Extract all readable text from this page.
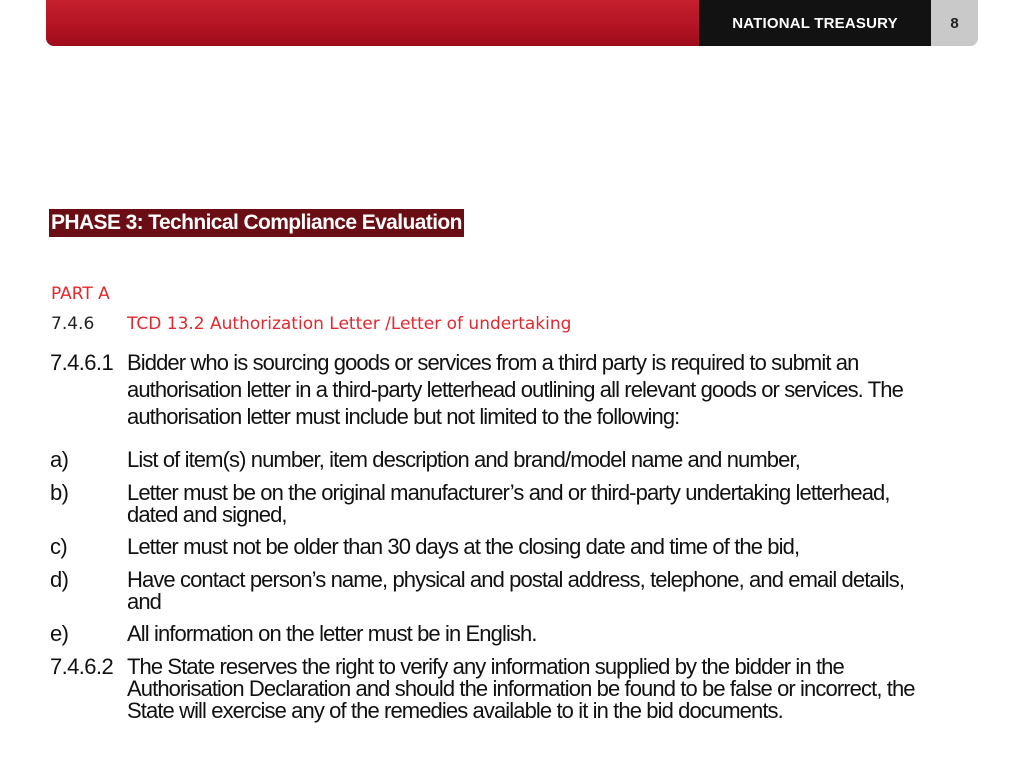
NATIONAL TREASURY	8
PHASE 3: Technical Compliance Evaluation
PART A
7.4.6 TCD 13.2 Authorization Letter /Letter of undertaking
7.4.6.1 Bidder who is sourcing goods or services from a third party is required to submit an
authorisation letter in a third-party letterhead outlining all relevant goods or services. The
authorisation letter must include but not limited to the following:
a)	List of item(s) number, item description and brand/model name and number,
b)	Letter must be on the original manufacturer’s and or third-party undertaking letterhead,
dated and signed,
c)	Letter must not be older than 30 days at the closing date and time of the bid,
d)	Have contact person’s name, physical and postal address, telephone, and email details,
and
e)	All information on the letter must be in English.
7.4.6.2 The State reserves the right to verify any information supplied by the bidder in the
Authorisation Declaration and should the information be found to be false or incorrect, the
State will exercise any of the remedies available to it in the bid documents.
